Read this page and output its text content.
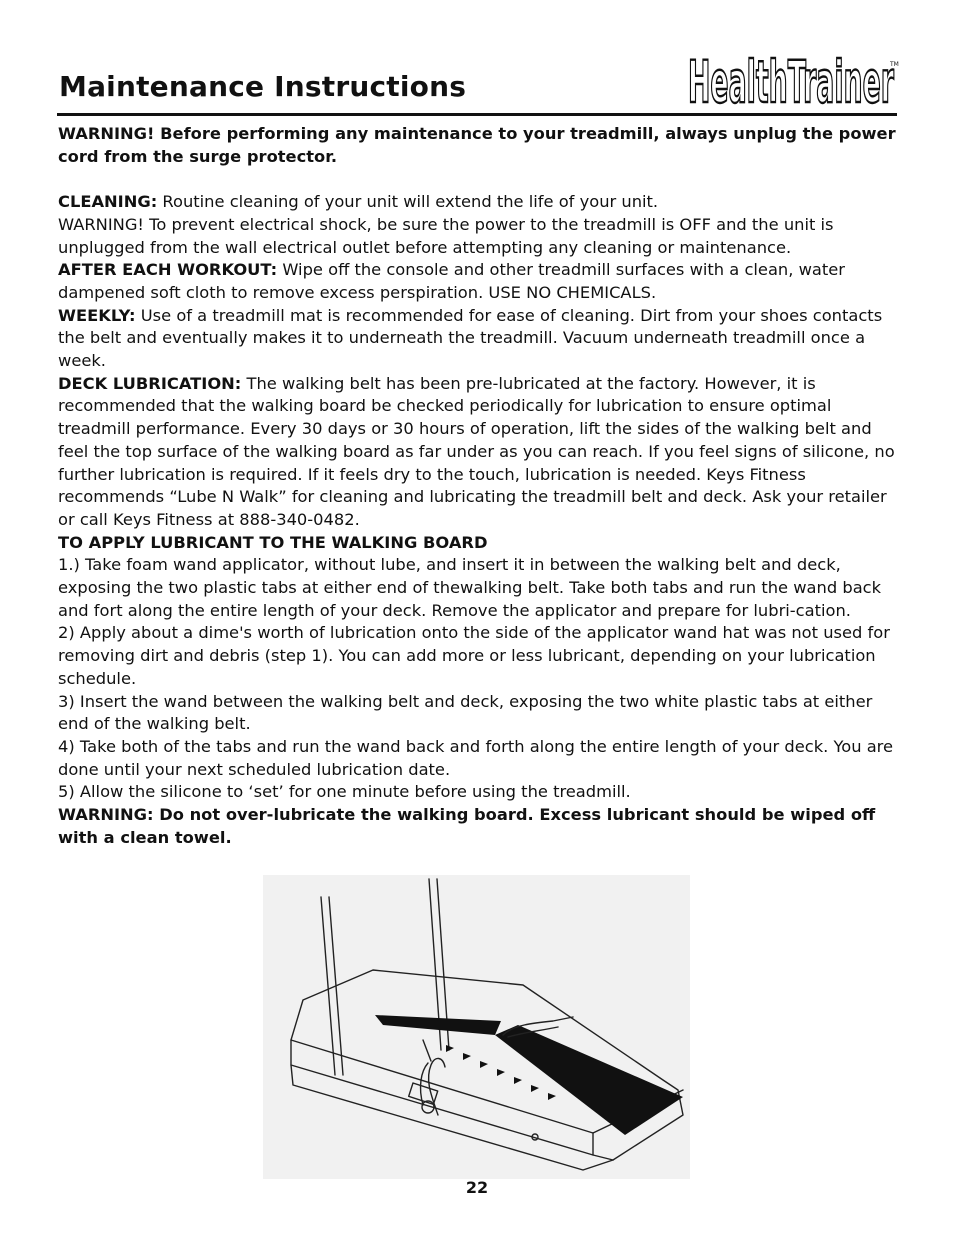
Maintenance Instructions	HealthTrainer
TM

WARNING! Before performing any maintenance to your treadmill, always unplug the power cord from the surge protector.

CLEANING: Routine cleaning of your unit will extend the life of your unit.

WARNING! To prevent electrical shock, be sure the power to the treadmill is OFF and the unit is unplugged from the wall electrical outlet before attempting any cleaning or maintenance.

AFTER EACH WORKOUT: Wipe off the console and other treadmill surfaces with a clean, water dampened soft cloth to remove excess perspiration. USE NO CHEMICALS.

WEEKLY: Use of a treadmill mat is recommended for ease of cleaning. Dirt from your shoes contacts the belt and eventually makes it to underneath the treadmill. Vacuum underneath treadmill once a week.

DECK LUBRICATION: The walking belt has been pre-lubricated at the factory. However, it is recommended that the walking board be checked periodically for lubrication to ensure optimal treadmill performance. Every 30 days or 30 hours of operation, lift the sides of the walking belt and feel the top surface of the walking board as far under as you can reach. If you feel signs of silicone, no further lubrication is required. If it feels dry to the touch, lubrication is needed. Keys Fitness recommends “Lube N Walk” for cleaning and lubricating the treadmill belt and deck. Ask your retailer or call Keys Fitness at 888-340-0482.

TO APPLY LUBRICANT TO THE WALKING BOARD

1.) Take foam wand applicator, without lube, and insert it in between the walking belt and deck, exposing the two plastic tabs at either end of thewalking belt. Take both tabs and run the wand back and fort along the entire length of your deck. Remove the applicator and prepare for lubri-cation.

2) Apply about a dime's worth of lubrication onto the side of the applicator wand hat was not used for removing dirt and debris (step 1). You can add more or less lubricant, depending on your lubrication schedule.

3) Insert the wand between the walking belt and deck, exposing the two white plastic tabs at either end of the walking belt.

4) Take both of the tabs and run the wand back and forth along the entire length of your deck. You are done until your next scheduled lubrication date.

5) Allow the silicone to ‘set’ for one minute before using the treadmill.

WARNING: Do not over-lubricate the walking board. Excess lubricant should be wiped off with a clean towel.

22
